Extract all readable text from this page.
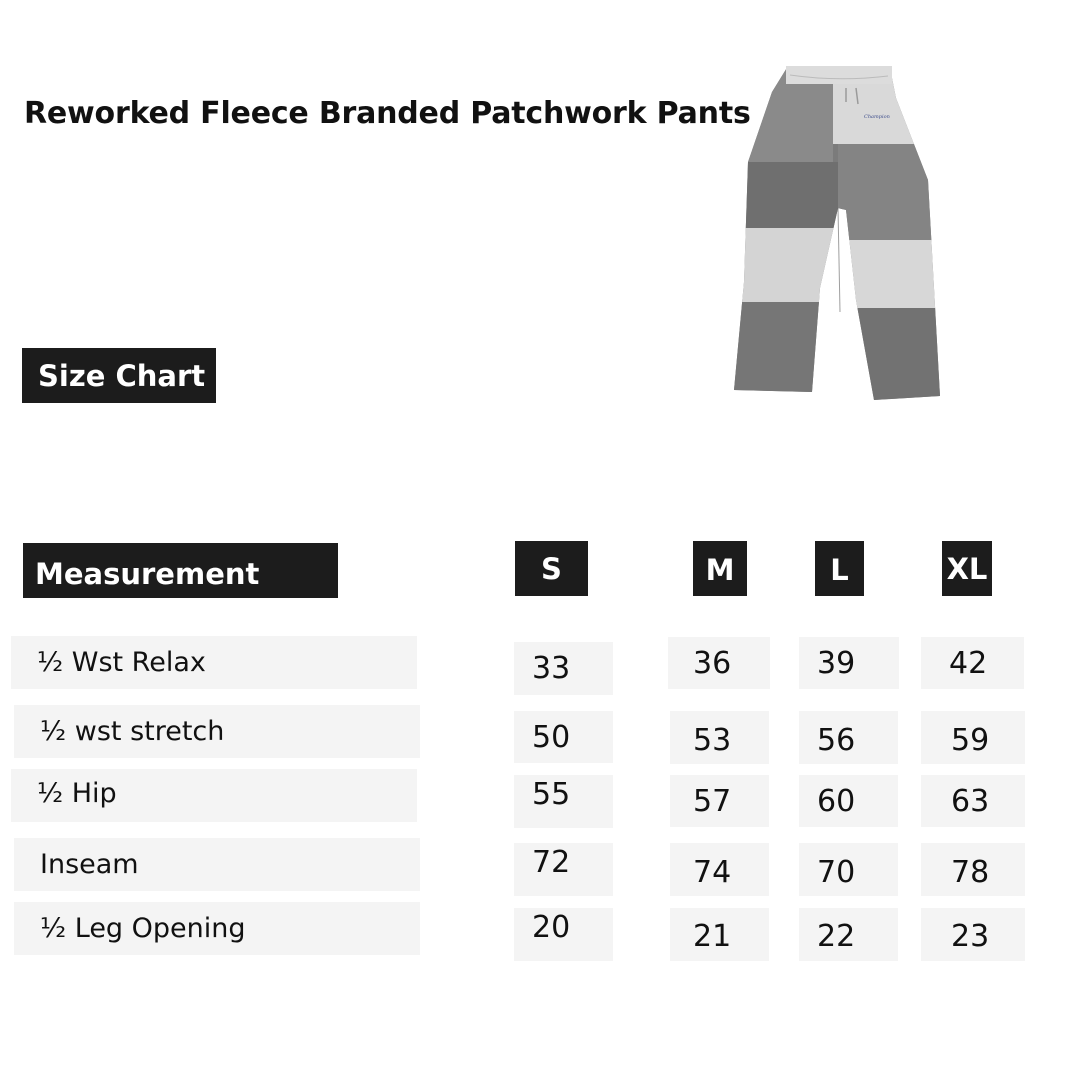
Reworked Fleece Branded Patchwork Pants	Champion
Size Chart
Measurement	S	M	L	XL
½ Wst Relax	33	36	39	42
½ wst stretch	50	53	56	59
½ Hip	55	57	60	63
Inseam	72	74	70	78
½ Leg Opening	20	21	22	23
